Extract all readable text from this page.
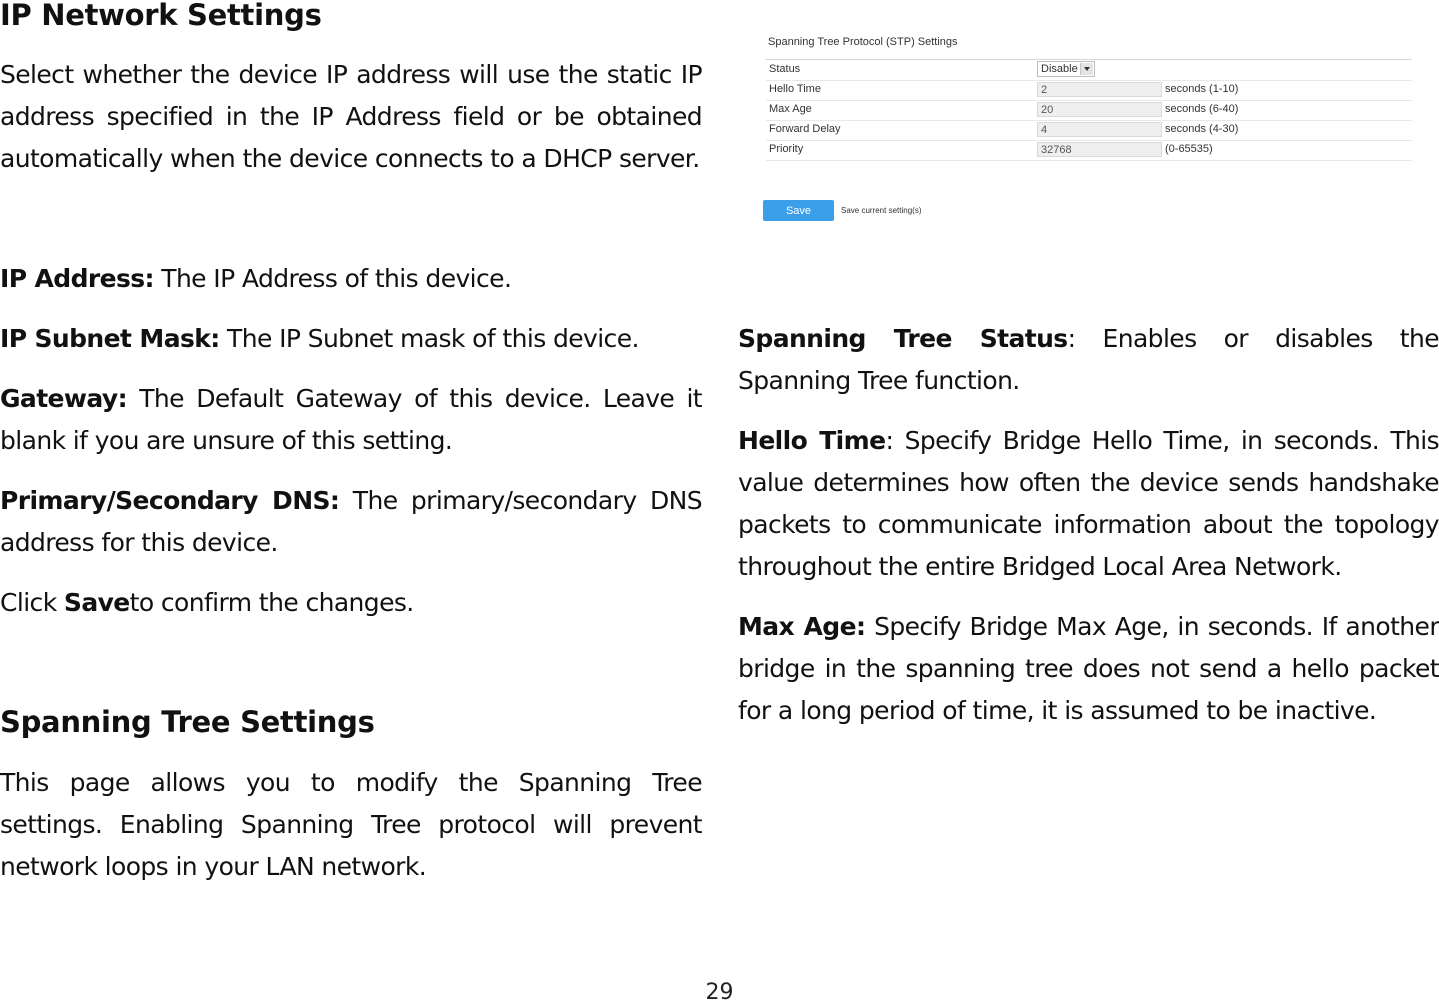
IP Network Settings

Select whether the device IP address will use the static IP address specified in the IP Address field or be obtained automatically when the device connects to a DHCP server.

IP Address: The IP Address of this device.

IP Subnet Mask: The IP Subnet mask of this device.

Gateway: The Default Gateway of this device. Leave it blank if you are unsure of this setting.

Primary/Secondary DNS: The primary/secondary DNS address for this device.

Click Saveto confirm the changes.

Spanning Tree Settings

This page allows you to modify the Spanning Tree settings. Enabling Spanning Tree protocol will prevent network loops in your LAN network.

Spanning Tree Protocol (STP) Settings
Status	Disable
Hello Time	2	seconds (1-10)
Max Age	20	seconds (6-40)
Forward Delay	4	seconds (4-30)
Priority	32768	(0-65535)
Save	Save current setting(s)

Spanning Tree Status: Enables or disables the Spanning Tree function.

Hello Time: Specify Bridge Hello Time, in seconds. This value determines how often the device sends handshake packets to communicate information about the topology throughout the entire Bridged Local Area Network.

Max Age: Specify Bridge Max Age, in seconds. If another bridge in the spanning tree does not send a hello packet for a long period of time, it is assumed to be inactive.

29
